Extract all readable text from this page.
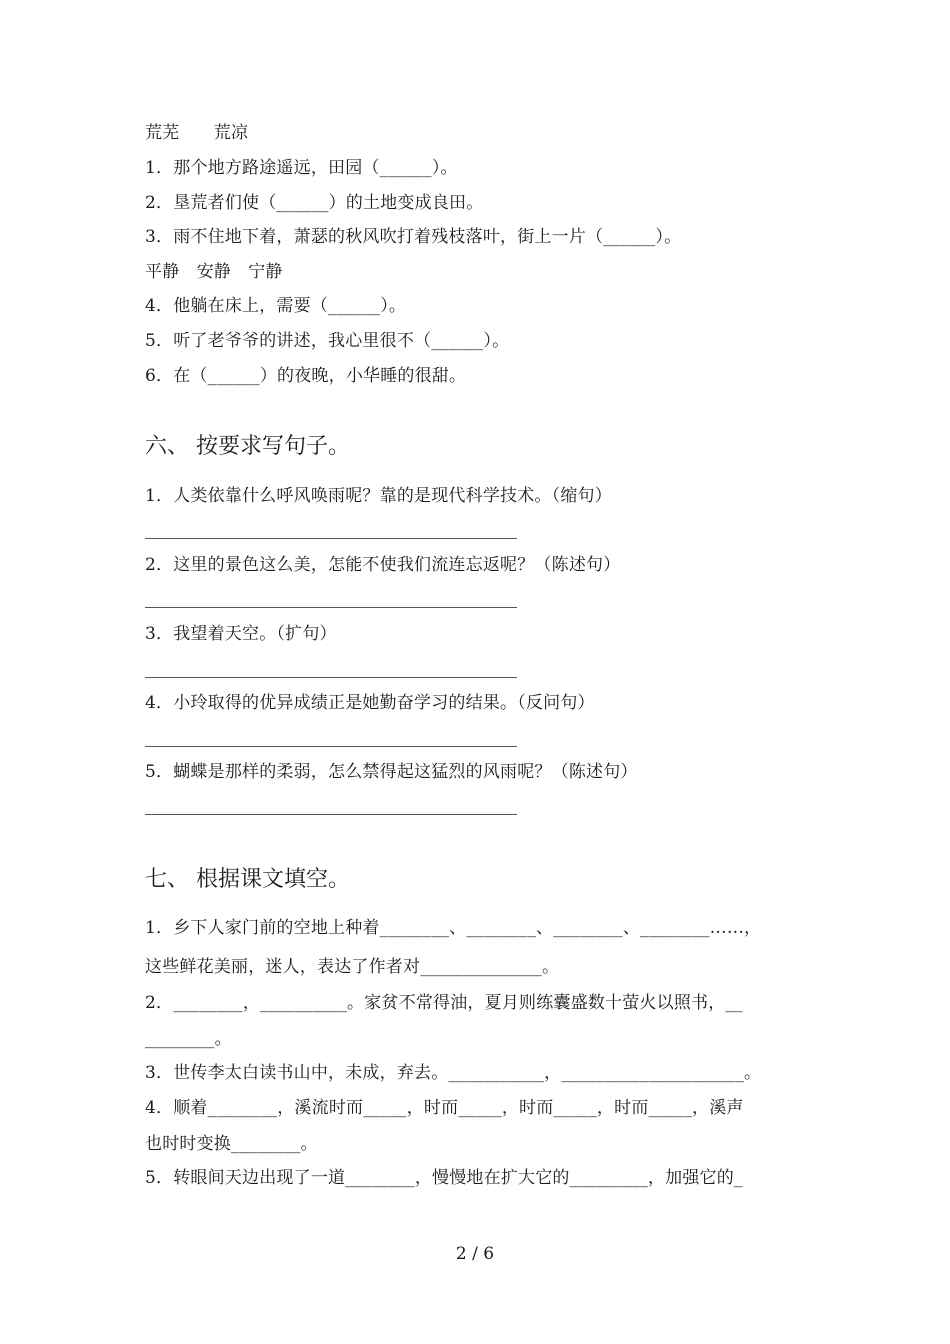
荒芜　　荒凉
1．那个地方路途遥远，田园（______）。
2．垦荒者们使（______）的土地变成良田。
3．雨不住地下着，萧瑟的秋风吹打着残枝落叶，街上一片（______）。
平静　安静　宁静
4．他躺在床上，需要（______）。
5．听了老爷爷的讲述，我心里很不（______）。
6．在（______）的夜晚，小华睡的很甜。
六、 按要求写句子。
1．人类依靠什么呼风唤雨呢？靠的是现代科学技术。（缩句）
2．这里的景色这么美，怎能不使我们流连忘返呢？（陈述句）
3．我望着天空。（扩句）
4．小玲取得的优异成绩正是她勤奋学习的结果。（反问句）
5．蝴蝶是那样的柔弱，怎么禁得起这猛烈的风雨呢？（陈述句）
七、 根据课文填空。
1．乡下人家门前的空地上种着________、________、________、________……，
这些鲜花美丽，迷人，表达了作者对______________。
2．________，__________。家贫不常得油，夏月则练囊盛数十萤火以照书，__
________。
3．世传李太白读书山中，未成，弃去。___________，_____________________。
4．顺着________，溪流时而_____，时而_____，时而_____，时而_____，溪声
也时时变换________。
5．转眼间天边出现了一道________，慢慢地在扩大它的_________，加强它的_
2 / 6
